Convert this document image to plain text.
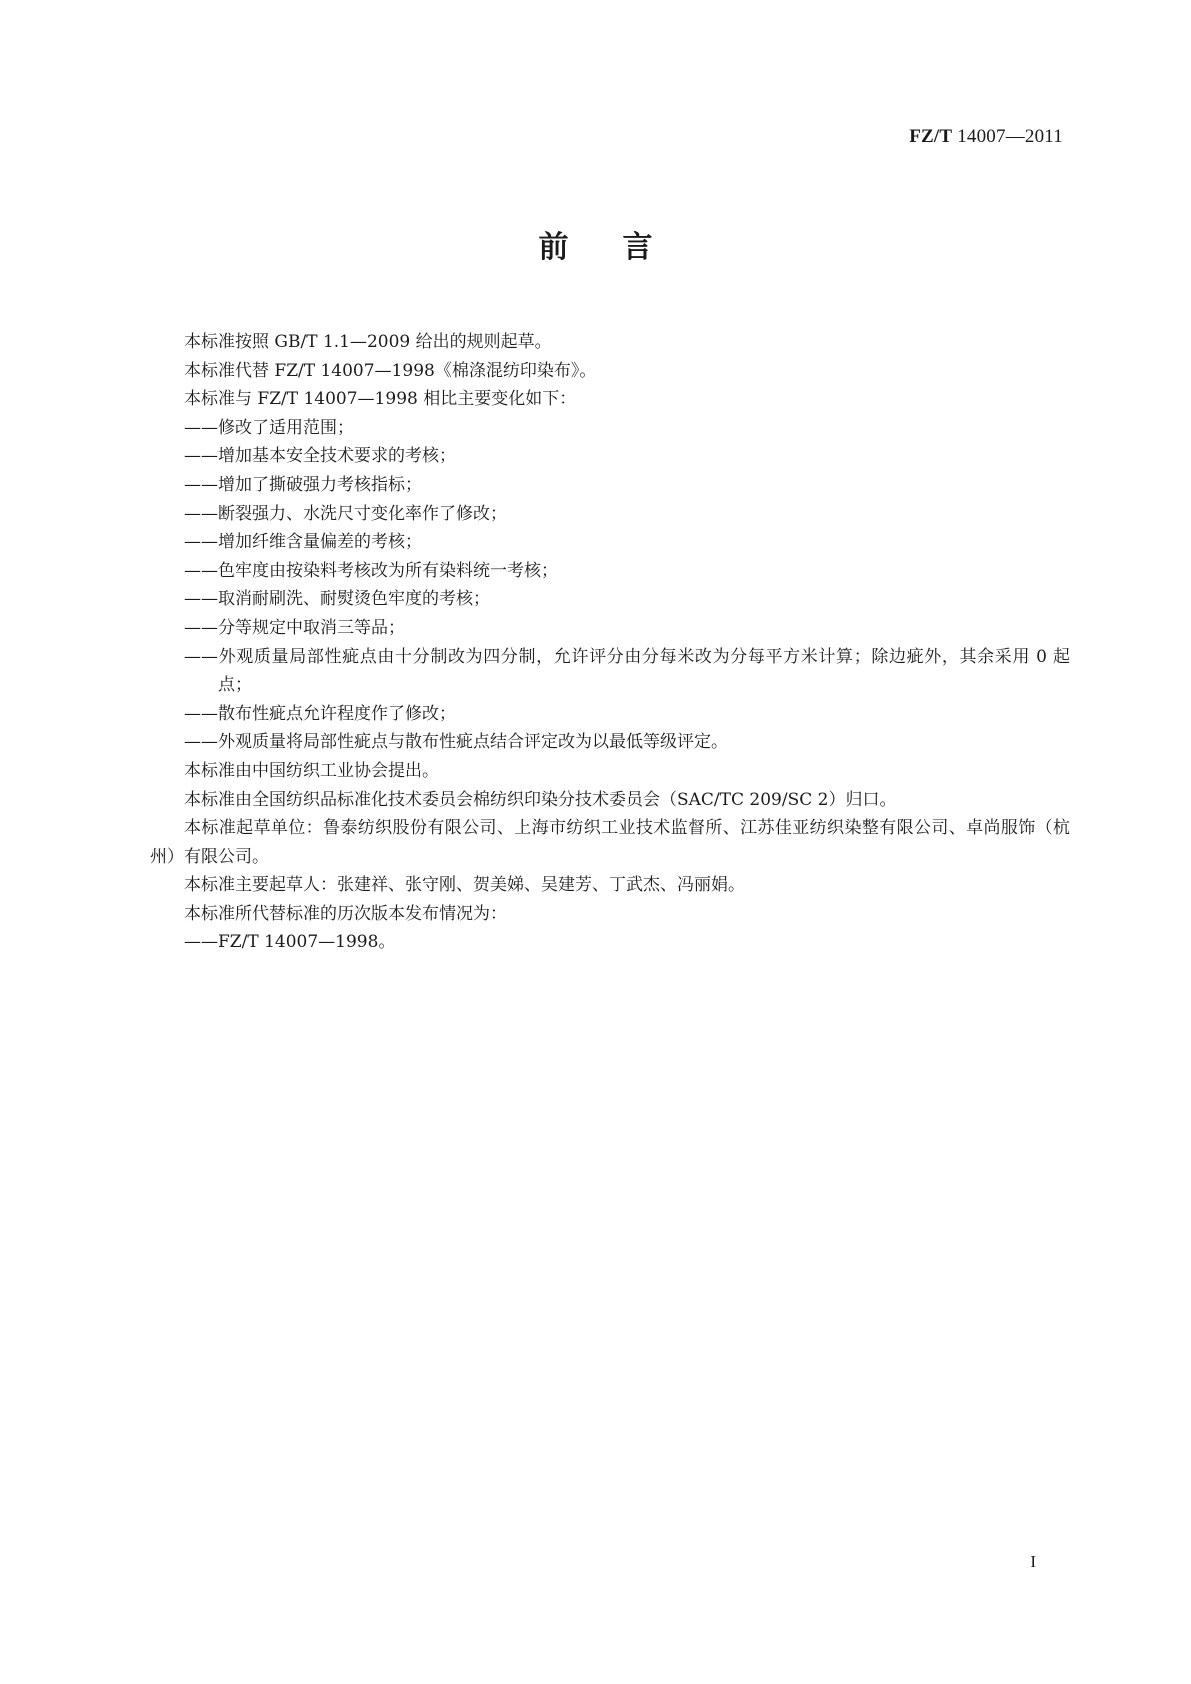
FZ/T 14007—2011
前 言

本标准按照 GB/T 1.1—2009 给出的规则起草。

本标准代替 FZ/T 14007—1998《棉涤混纺印染布》。

本标准与 FZ/T 14007—1998 相比主要变化如下：

——修改了适用范围；

——增加基本安全技术要求的考核；

——增加了撕破强力考核指标；

——断裂强力、水洗尺寸变化率作了修改；

——增加纤维含量偏差的考核；

——色牢度由按染料考核改为所有染料统一考核；

——取消耐刷洗、耐熨烫色牢度的考核；

——分等规定中取消三等品；

——外观质量局部性疵点由十分制改为四分制，允许评分由分每米改为分每平方米计算；除边疵外，其余采用 0 起点；

——散布性疵点允许程度作了修改；

——外观质量将局部性疵点与散布性疵点结合评定改为以最低等级评定。

本标准由中国纺织工业协会提出。

本标准由全国纺织品标准化技术委员会棉纺织印染分技术委员会（SAC/TC 209/SC 2）归口。

本标准起草单位：鲁泰纺织股份有限公司、上海市纺织工业技术监督所、江苏佳亚纺织染整有限公司、卓尚服饰（杭州）有限公司。

本标准主要起草人：张建祥、张守刚、贺美娣、吴建芳、丁武杰、冯丽娟。

本标准所代替标准的历次版本发布情况为：

——FZ/T 14007—1998。

I
